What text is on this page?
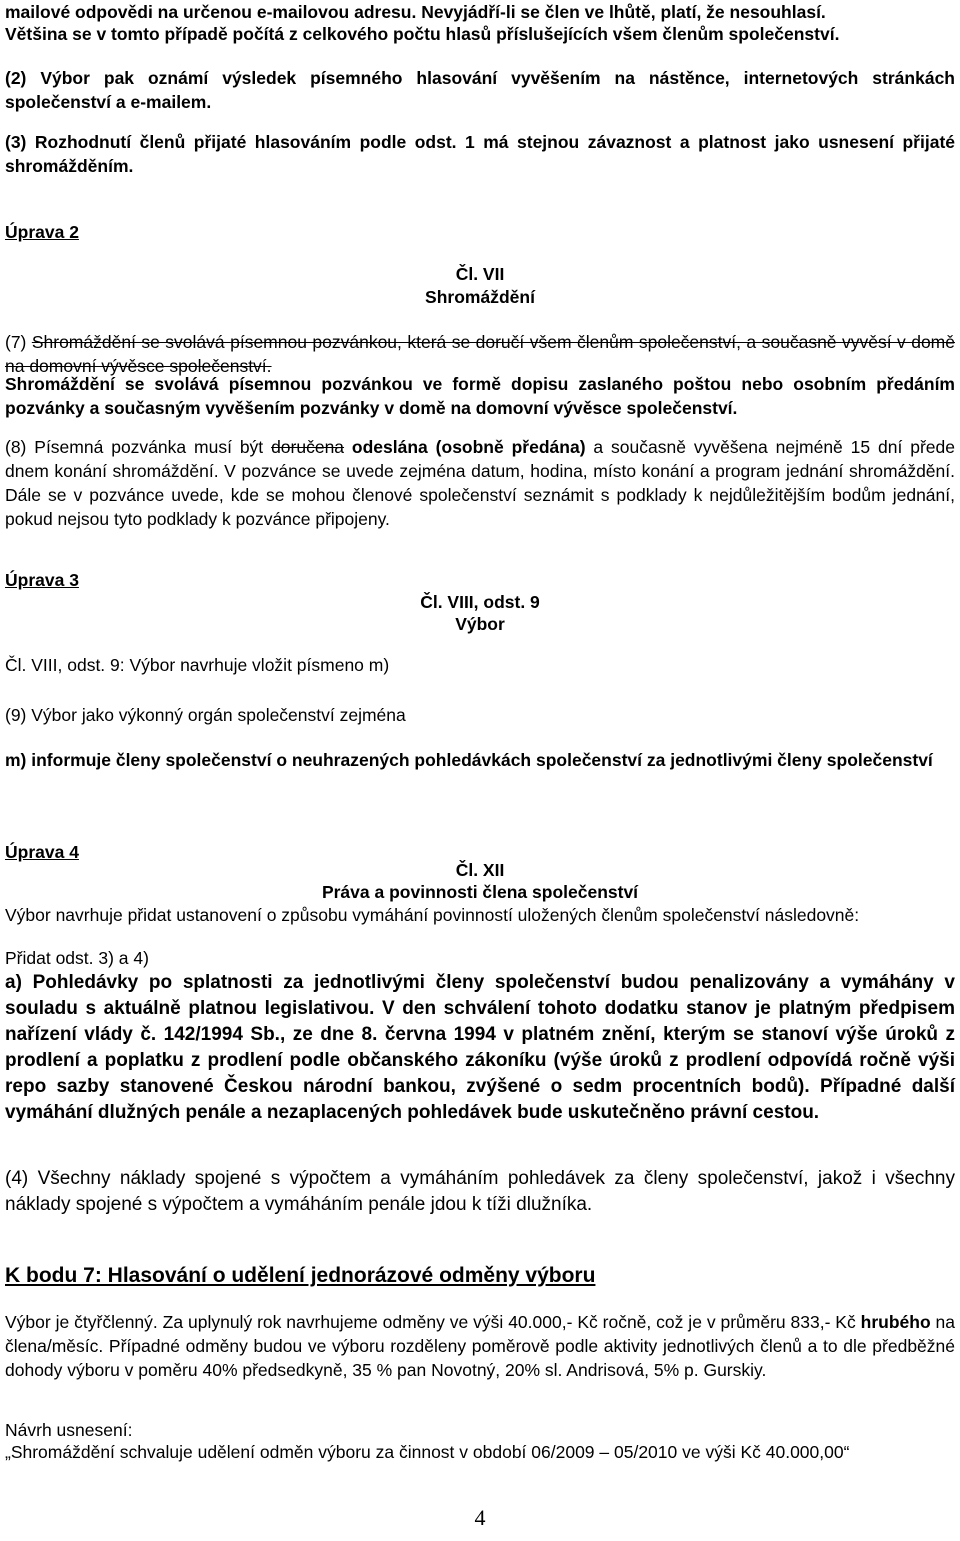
mailové odpovědi na určenou e-mailovou adresu. Nevyjádří-li se člen ve lhůtě, platí, že nesouhlasí.
Většina se v tomto případě počítá z celkového počtu hlasů příslušejících všem členům společenství.
(2) Výbor pak oznámí výsledek písemného hlasování vyvěšením na nástěnce, internetových stránkách společenství a e-mailem.
(3) Rozhodnutí členů přijaté hlasováním podle odst. 1 má stejnou závaznost a platnost jako usnesení přijaté shromážděním.
Úprava 2
Čl. VII
Shromáždění
(7) Shromáždění se svolává písemnou pozvánkou, která se doručí všem členům společenství, a současně vyvěsí v domě na domovní vývěsce společenství.
Shromáždění se svolává písemnou pozvánkou ve formě dopisu zaslaného poštou nebo osobním předáním pozvánky a současným vyvěšením pozvánky v domě na domovní vývěsce společenství.
(8) Písemná pozvánka musí být doručena odeslána (osobně předána) a současně vyvěšena nejméně 15 dní přede dnem konání shromáždění. V pozvánce se uvede zejména datum, hodina, místo konání a program jednání shromáždění. Dále se v pozvánce uvede, kde se mohou členové společenství seznámit s podklady k nejdůležitějším bodům jednání, pokud nejsou tyto podklady k pozvánce připojeny.
Úprava 3
Čl. VIII, odst. 9
Výbor
Čl. VIII, odst. 9: Výbor navrhuje vložit písmeno m)
(9) Výbor jako výkonný orgán společenství zejména
m) informuje členy společenství o neuhrazených pohledávkách společenství za jednotlivými členy společenství
Úprava 4
Čl. XII
Práva a povinnosti člena společenství
Výbor navrhuje přidat ustanovení o způsobu vymáhání povinností uložených členům společenství následovně:
Přidat odst. 3) a 4)
a) Pohledávky po splatnosti za jednotlivými členy společenství budou penalizovány a vymáhány v souladu s aktuálně platnou legislativou. V den schválení tohoto dodatku stanov je platným předpisem nařízení vlády č. 142/1994 Sb., ze dne 8. června 1994 v platném znění, kterým se stanoví výše úroků z prodlení a poplatku z prodlení podle občanského zákoníku (výše úroků z prodlení odpovídá ročně výši repo sazby stanovené Českou národní bankou, zvýšené o sedm procentních bodů). Případné další vymáhání dlužných penále a nezaplacených pohledávek bude uskutečněno právní cestou.
(4) Všechny náklady spojené s výpočtem a vymáháním pohledávek za členy společenství, jakož i všechny náklady spojené s výpočtem a vymáháním penále jdou k tíži dlužníka.
K bodu 7: Hlasování o udělení jednorázové odměny výboru
Výbor je čtyřčlenný. Za uplynulý rok navrhujeme odměny ve výši 40.000,- Kč ročně, což je v průměru 833,- Kč hrubého na člena/měsíc. Případné odměny budou ve výboru rozděleny poměrově podle aktivity jednotlivých členů a to dle předběžné dohody výboru v poměru 40% předsedkyně, 35 % pan Novotný, 20% sl. Andrisová, 5% p. Gurskiy.
Návrh usnesení:
„Shromáždění schvaluje udělení odměn výboru za činnost v období 06/2009 – 05/2010 ve výši Kč 40.000,00“
4
